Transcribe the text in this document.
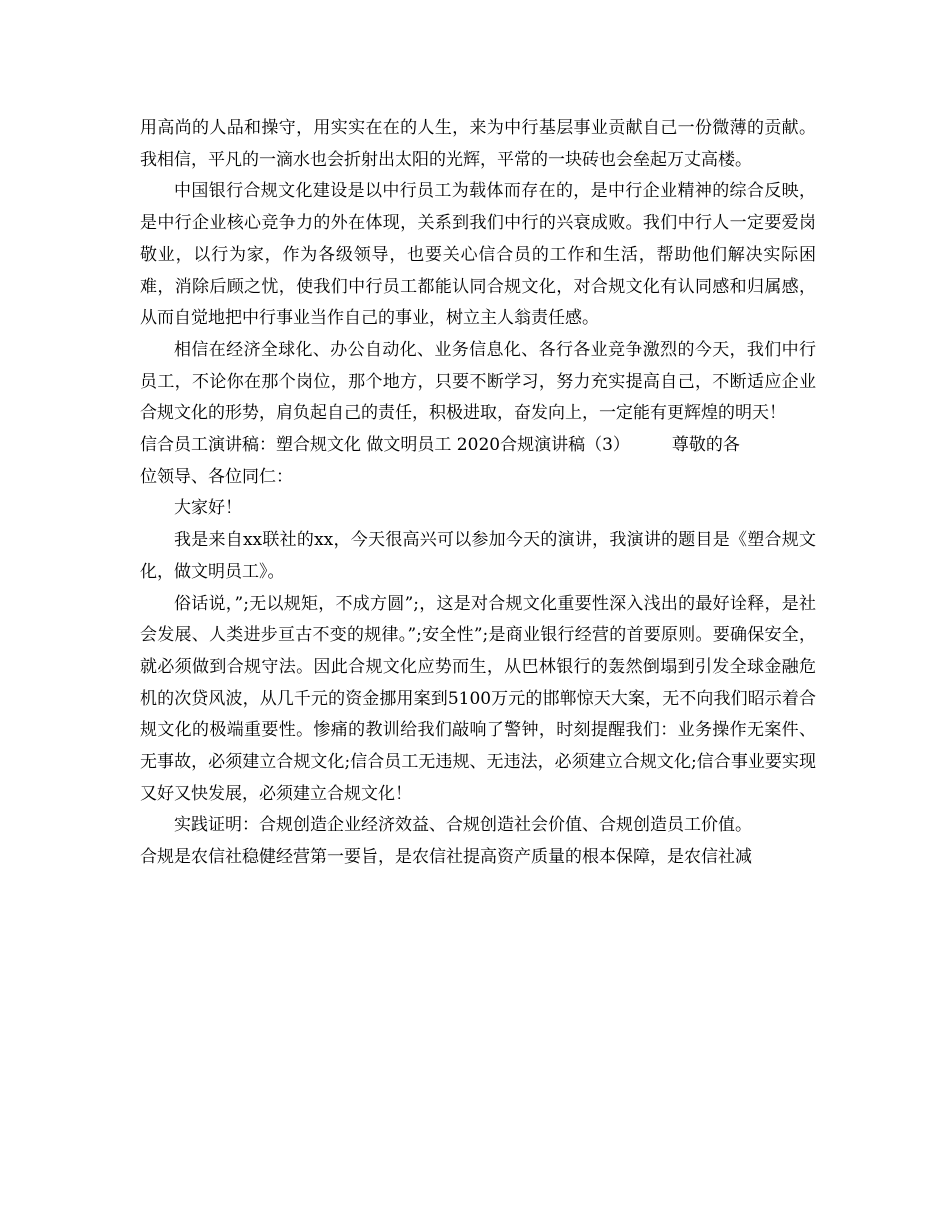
用高尚的人品和操守，用实实在在的人生，来为中行基层事业贡献自己一份微薄的贡献。我相信，平凡的一滴水也会折射出太阳的光辉，平常的一块砖也会垒起万丈高楼。

中国银行合规文化建设是以中行员工为载体而存在的，是中行企业精神的综合反映，是中行企业核心竞争力的外在体现，关系到我们中行的兴衰成败。我们中行人一定要爱岗敬业，以行为家，作为各级领导，也要关心信合员的工作和生活，帮助他们解决实际困难，消除后顾之忧，使我们中行员工都能认同合规文化，对合规文化有认同感和归属感，从而自觉地把中行事业当作自己的事业，树立主人翁责任感。

相信在经济全球化、办公自动化、业务信息化、各行各业竞争激烈的今天，我们中行员工，不论你在那个岗位，那个地方，只要不断学习，努力充实提高自己，不断适应企业合规文化的形势，肩负起自己的责任，积极进取，奋发向上，一定能有更辉煌的明天！

信合员工演讲稿：塑合规文化 做文明员工 2020合规演讲稿（3） 尊敬的各

位领导、各位同仁：

大家好！

我是来自xx联社的xx，今天很高兴可以参加今天的演讲，我演讲的题目是《塑合规文化，做文明员工》。

俗话说，”;无以规矩，不成方圆”;，这是对合规文化重要性深入浅出的最好诠释，是社会发展、人类进步亘古不变的规律。”;安全性”;是商业银行经营的首要原则。要确保安全，就必须做到合规守法。因此合规文化应势而生，从巴林银行的轰然倒塌到引发全球金融危机的次贷风波，从几千元的资金挪用案到5100万元的邯郸惊天大案，无不向我们昭示着合规文化的极端重要性。惨痛的教训给我们敲响了警钟，时刻提醒我们：业务操作无案件、无事故，必须建立合规文化;信合员工无违规、无违法，必须建立合规文化;信合事业要实现又好又快发展，必须建立合规文化！

实践证明：合规创造企业经济效益、合规创造社会价值、合规创造员工价值。

合规是农信社稳健经营第一要旨，是农信社提高资产质量的根本保障，是农信社减
